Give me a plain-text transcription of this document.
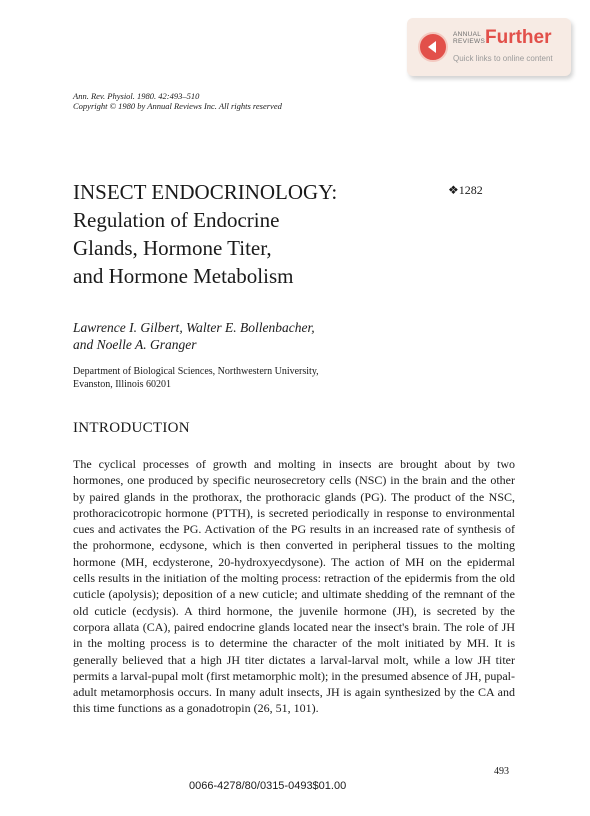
ANNUAL
REVIEWS Further
Quick links to online content
Ann. Rev. Physiol. 1980. 42:493–510
Copyright © 1980 by Annual Reviews Inc. All rights reserved
INSECT ENDOCRINOLOGY:
Regulation of Endocrine
Glands, Hormone Titer,
and Hormone Metabolism
❖1282
Lawrence I. Gilbert, Walter E. Bollenbacher,
and Noelle A. Granger
Department of Biological Sciences, Northwestern University,
Evanston, Illinois 60201
INTRODUCTION

The cyclical processes of growth and molting in insects are brought about by two hormones, one produced by specific neurosecretory cells (NSC) in the brain and the other by paired glands in the prothorax, the prothoracic glands (PG). The product of the NSC, prothoracicotropic hormone (PTTH), is secreted periodically in response to environmental cues and activates the PG. Activation of the PG results in an increased rate of synthesis of the prohormone, ecdysone, which is then converted in peripheral tissues to the molting hormone (MH, ecdysterone, 20-hydroxyecdysone). The action of MH on the epidermal cells results in the initiation of the molting process: retraction of the epidermis from the old cuticle (apolysis); deposition of a new cuticle; and ultimate shedding of the remnant of the old cuticle (ecdysis). A third hormone, the juvenile hormone (JH), is secreted by the corpora allata (CA), paired endocrine glands located near the insect's brain. The role of JH in the molting process is to determine the character of the molt initiated by MH. It is generally believed that a high JH titer dictates a larval-larval molt, while a low JH titer permits a larval-pupal molt (first metamorphic molt); in the presumed absence of JH, pupal-adult metamorphosis occurs. In many adult insects, JH is again synthesized by the CA and this time functions as a gonadotropin (26, 51, 101).

493
0066-4278/80/0315-0493$01.00
